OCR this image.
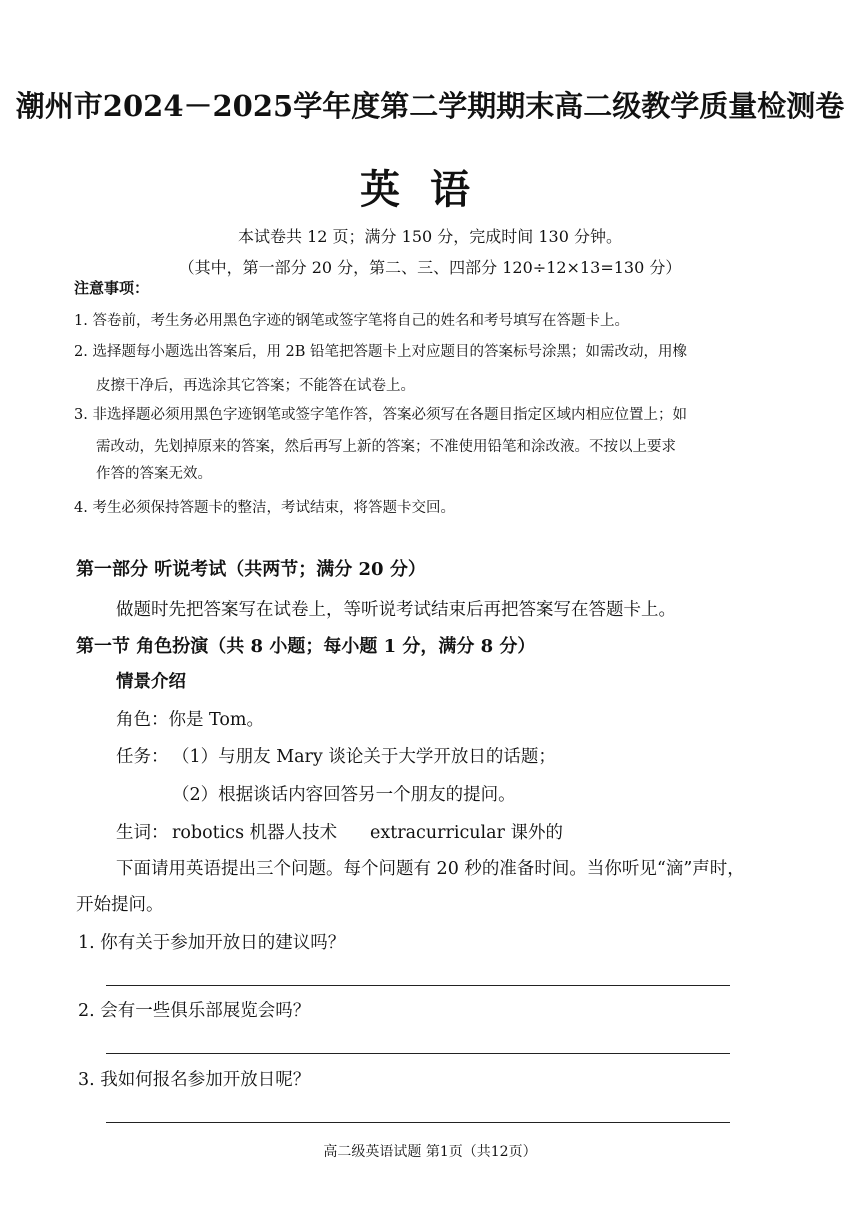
潮州市2024－2025学年度第二学期期末高二级教学质量检测卷
英语
本试卷共 12 页；满分 150 分，完成时间 130 分钟。
（其中，第一部分 20 分，第二、三、四部分 120÷12×13=130 分）
注意事项：
1. 答卷前，考生务必用黑色字迹的钢笔或签字笔将自己的姓名和考号填写在答题卡上。
2. 选择题每小题选出答案后，用 2B 铅笔把答题卡上对应题目的答案标号涂黑；如需改动，用橡
皮擦干净后，再选涂其它答案；不能答在试卷上。
3. 非选择题必须用黑色字迹钢笔或签字笔作答，答案必须写在各题目指定区域内相应位置上；如
需改动，先划掉原来的答案，然后再写上新的答案；不准使用铅笔和涂改液。不按以上要求
作答的答案无效。
4. 考生必须保持答题卡的整洁，考试结束，将答题卡交回。
第一部分 听说考试（共两节；满分 20 分）
做题时先把答案写在试卷上，等听说考试结束后再把答案写在答题卡上。
第一节 角色扮演（共 8 小题；每小题 1 分，满分 8 分）
情景介绍
角色：你是 Tom。
任务： （1）与朋友 Mary 谈论关于大学开放日的话题；
（2）根据谈话内容回答另一个朋友的提问。
生词： robotics 机器人技术 extracurricular 课外的
下面请用英语提出三个问题。每个问题有 20 秒的准备时间。当你听见“滴”声时，
开始提问。
1. 你有关于参加开放日的建议吗？
2. 会有一些俱乐部展览会吗？
3. 我如何报名参加开放日呢？
高二级英语试题 第1页（共12页）
